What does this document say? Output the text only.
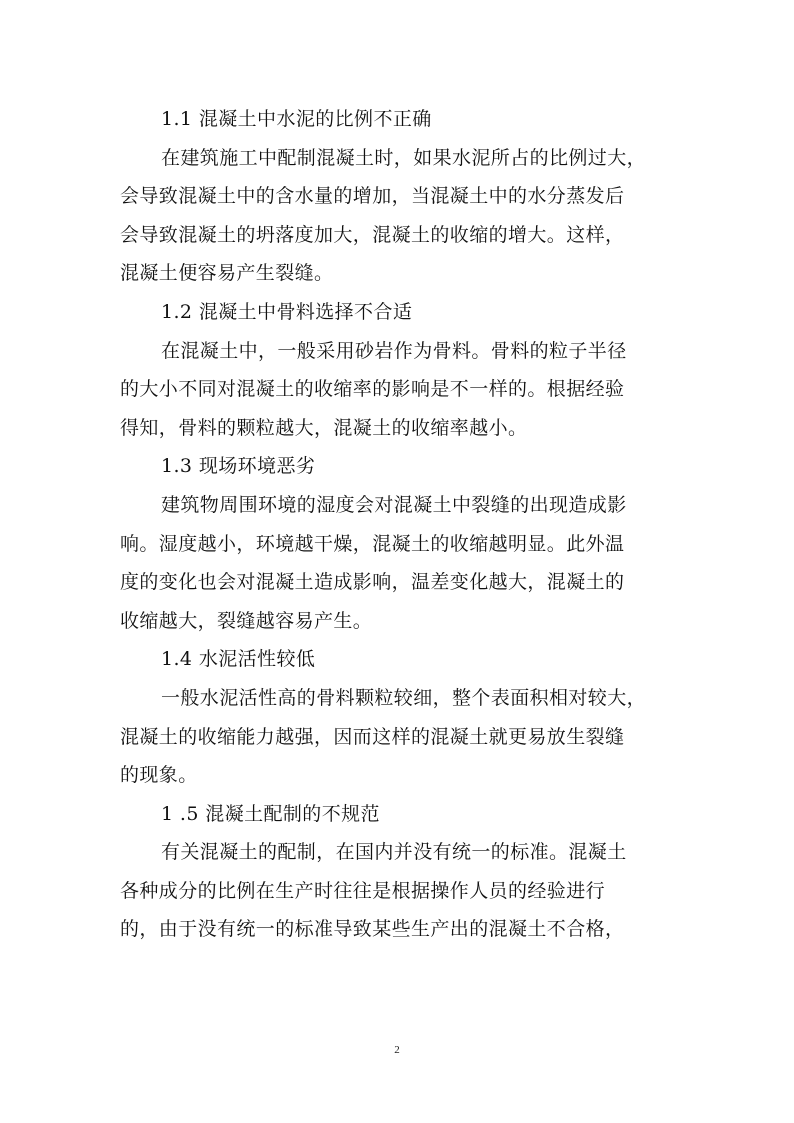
1.1 混凝土中水泥的比例不正确
在建筑施工中配制混凝土时，如果水泥所占的比例过大，
会导致混凝土中的含水量的增加，当混凝土中的水分蒸发后
会导致混凝土的坍落度加大，混凝土的收缩的增大。这样，
混凝土便容易产生裂缝。
1.2 混凝土中骨料选择不合适
在混凝土中，一般采用砂岩作为骨料。骨料的粒子半径
的大小不同对混凝土的收缩率的影响是不一样的。根据经验
得知，骨料的颗粒越大，混凝土的收缩率越小。
1.3 现场环境恶劣
建筑物周围环境的湿度会对混凝土中裂缝的出现造成影
响。湿度越小，环境越干燥，混凝土的收缩越明显。此外温
度的变化也会对混凝土造成影响，温差变化越大，混凝土的
收缩越大，裂缝越容易产生。
1.4 水泥活性较低
一般水泥活性高的骨料颗粒较细，整个表面积相对较大，
混凝土的收缩能力越强，因而这样的混凝土就更易放生裂缝
的现象。
1 .5 混凝土配制的不规范
有关混凝土的配制，在国内并没有统一的标准。混凝土
各种成分的比例在生产时往往是根据操作人员的经验进行
的，由于没有统一的标准导致某些生产出的混凝土不合格，
2
